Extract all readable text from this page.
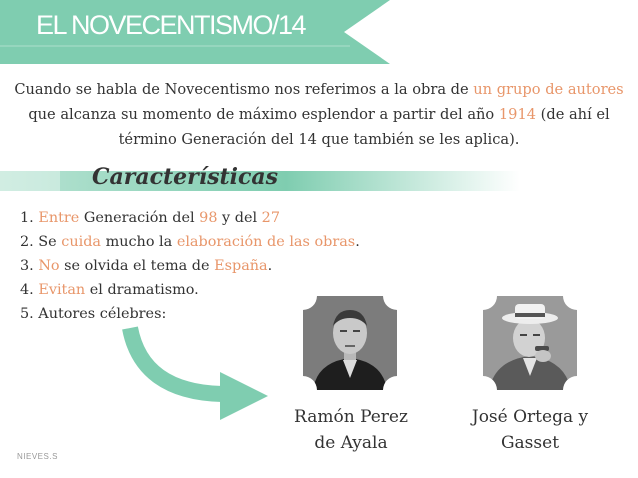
EL NOVECENTISMO/14
Cuando se habla de Novecentismo nos referimos a la obra de un grupo de autores que alcanza su momento de máximo esplendor a partir del año 1914 (de ahí el término Generación del 14 que también se les aplica).
Características
1. Entre Generación del 98 y del 27
2. Se cuida mucho la elaboración de las obras.
3. No se olvida el tema de España.
4. Evitan el dramatismo.
5. Autores célebres:
Ramón Perez
de Ayala
José Ortega y
Gasset
NIEVES.S
